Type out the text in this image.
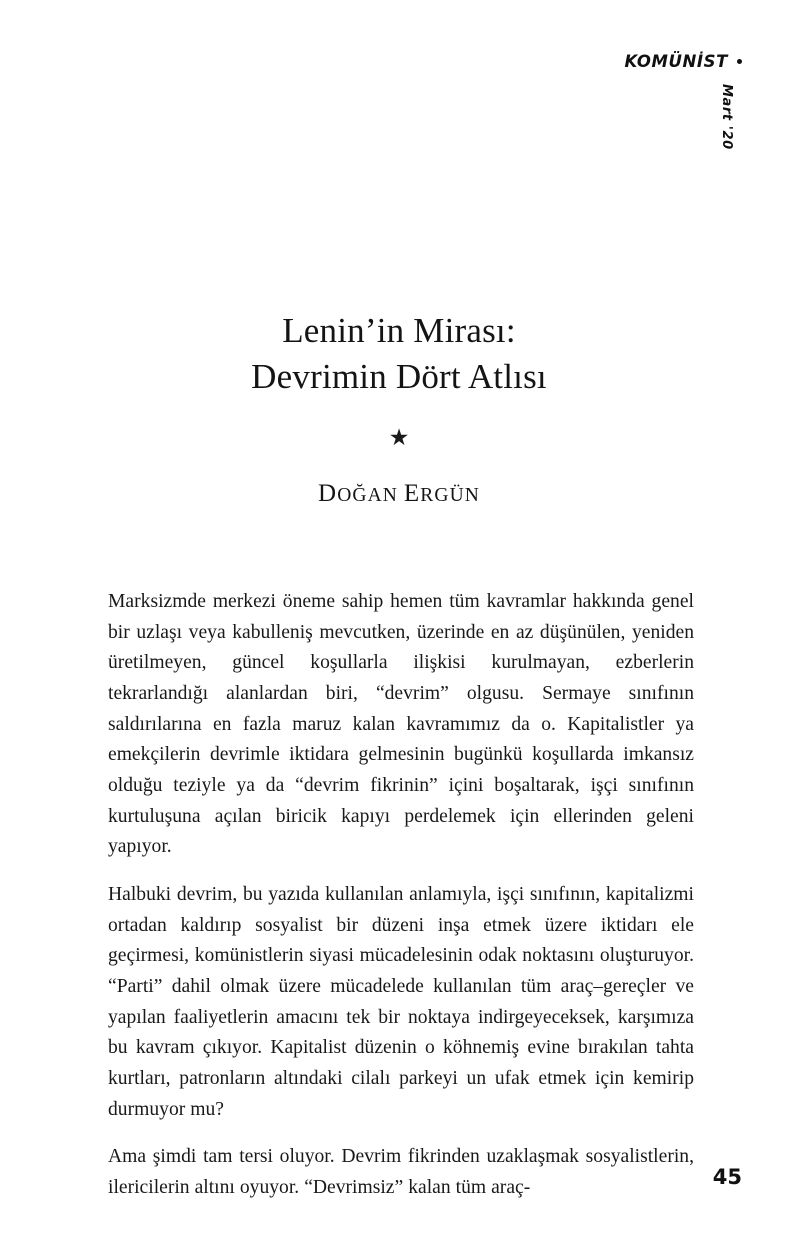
KOMÜNİST
Mart '20
Lenin’in Mirası:
Devrimin Dört Atlısı
★
DOĞAN ERGÜN

Marksizmde merkezi öneme sahip hemen tüm kavramlar hakkında genel bir uzlaşı veya kabulleniş mevcutken, üzerinde en az düşünülen, yeniden üretilmeyen, güncel koşullarla ilişkisi kurulmayan, ezberlerin tekrarlandığı alanlardan biri, “devrim” olgusu. Sermaye sınıfının saldırılarına en fazla maruz kalan kavramımız da o. Kapitalistler ya emekçilerin devrimle iktidara gelmesinin bugünkü koşullarda imkansız olduğu teziyle ya da “devrim fikrinin” içini boşaltarak, işçi sınıfının kurtuluşuna açılan biricik kapıyı perdelemek için ellerinden geleni yapıyor.

Halbuki devrim, bu yazıda kullanılan anlamıyla, işçi sınıfının, kapitalizmi ortadan kaldırıp sosyalist bir düzeni inşa etmek üzere iktidarı ele geçirmesi, komünistlerin siyasi mücadelesinin odak noktasını oluşturuyor. “Parti” dahil olmak üzere mücadelede kullanılan tüm araç–gereçler ve yapılan faaliyetlerin amacını tek bir noktaya indirgeyeceksek, karşımıza bu kavram çıkıyor. Kapitalist düzenin o köhnemiş evine bırakılan tahta kurtları, patronların altındaki cilalı parkeyi un ufak etmek için kemirip durmuyor mu?

Ama şimdi tam tersi oluyor. Devrim fikrinden uzaklaşmak sosyalistlerin, ilericilerin altını oyuyor. “Devrimsiz” kalan tüm araç-	45
